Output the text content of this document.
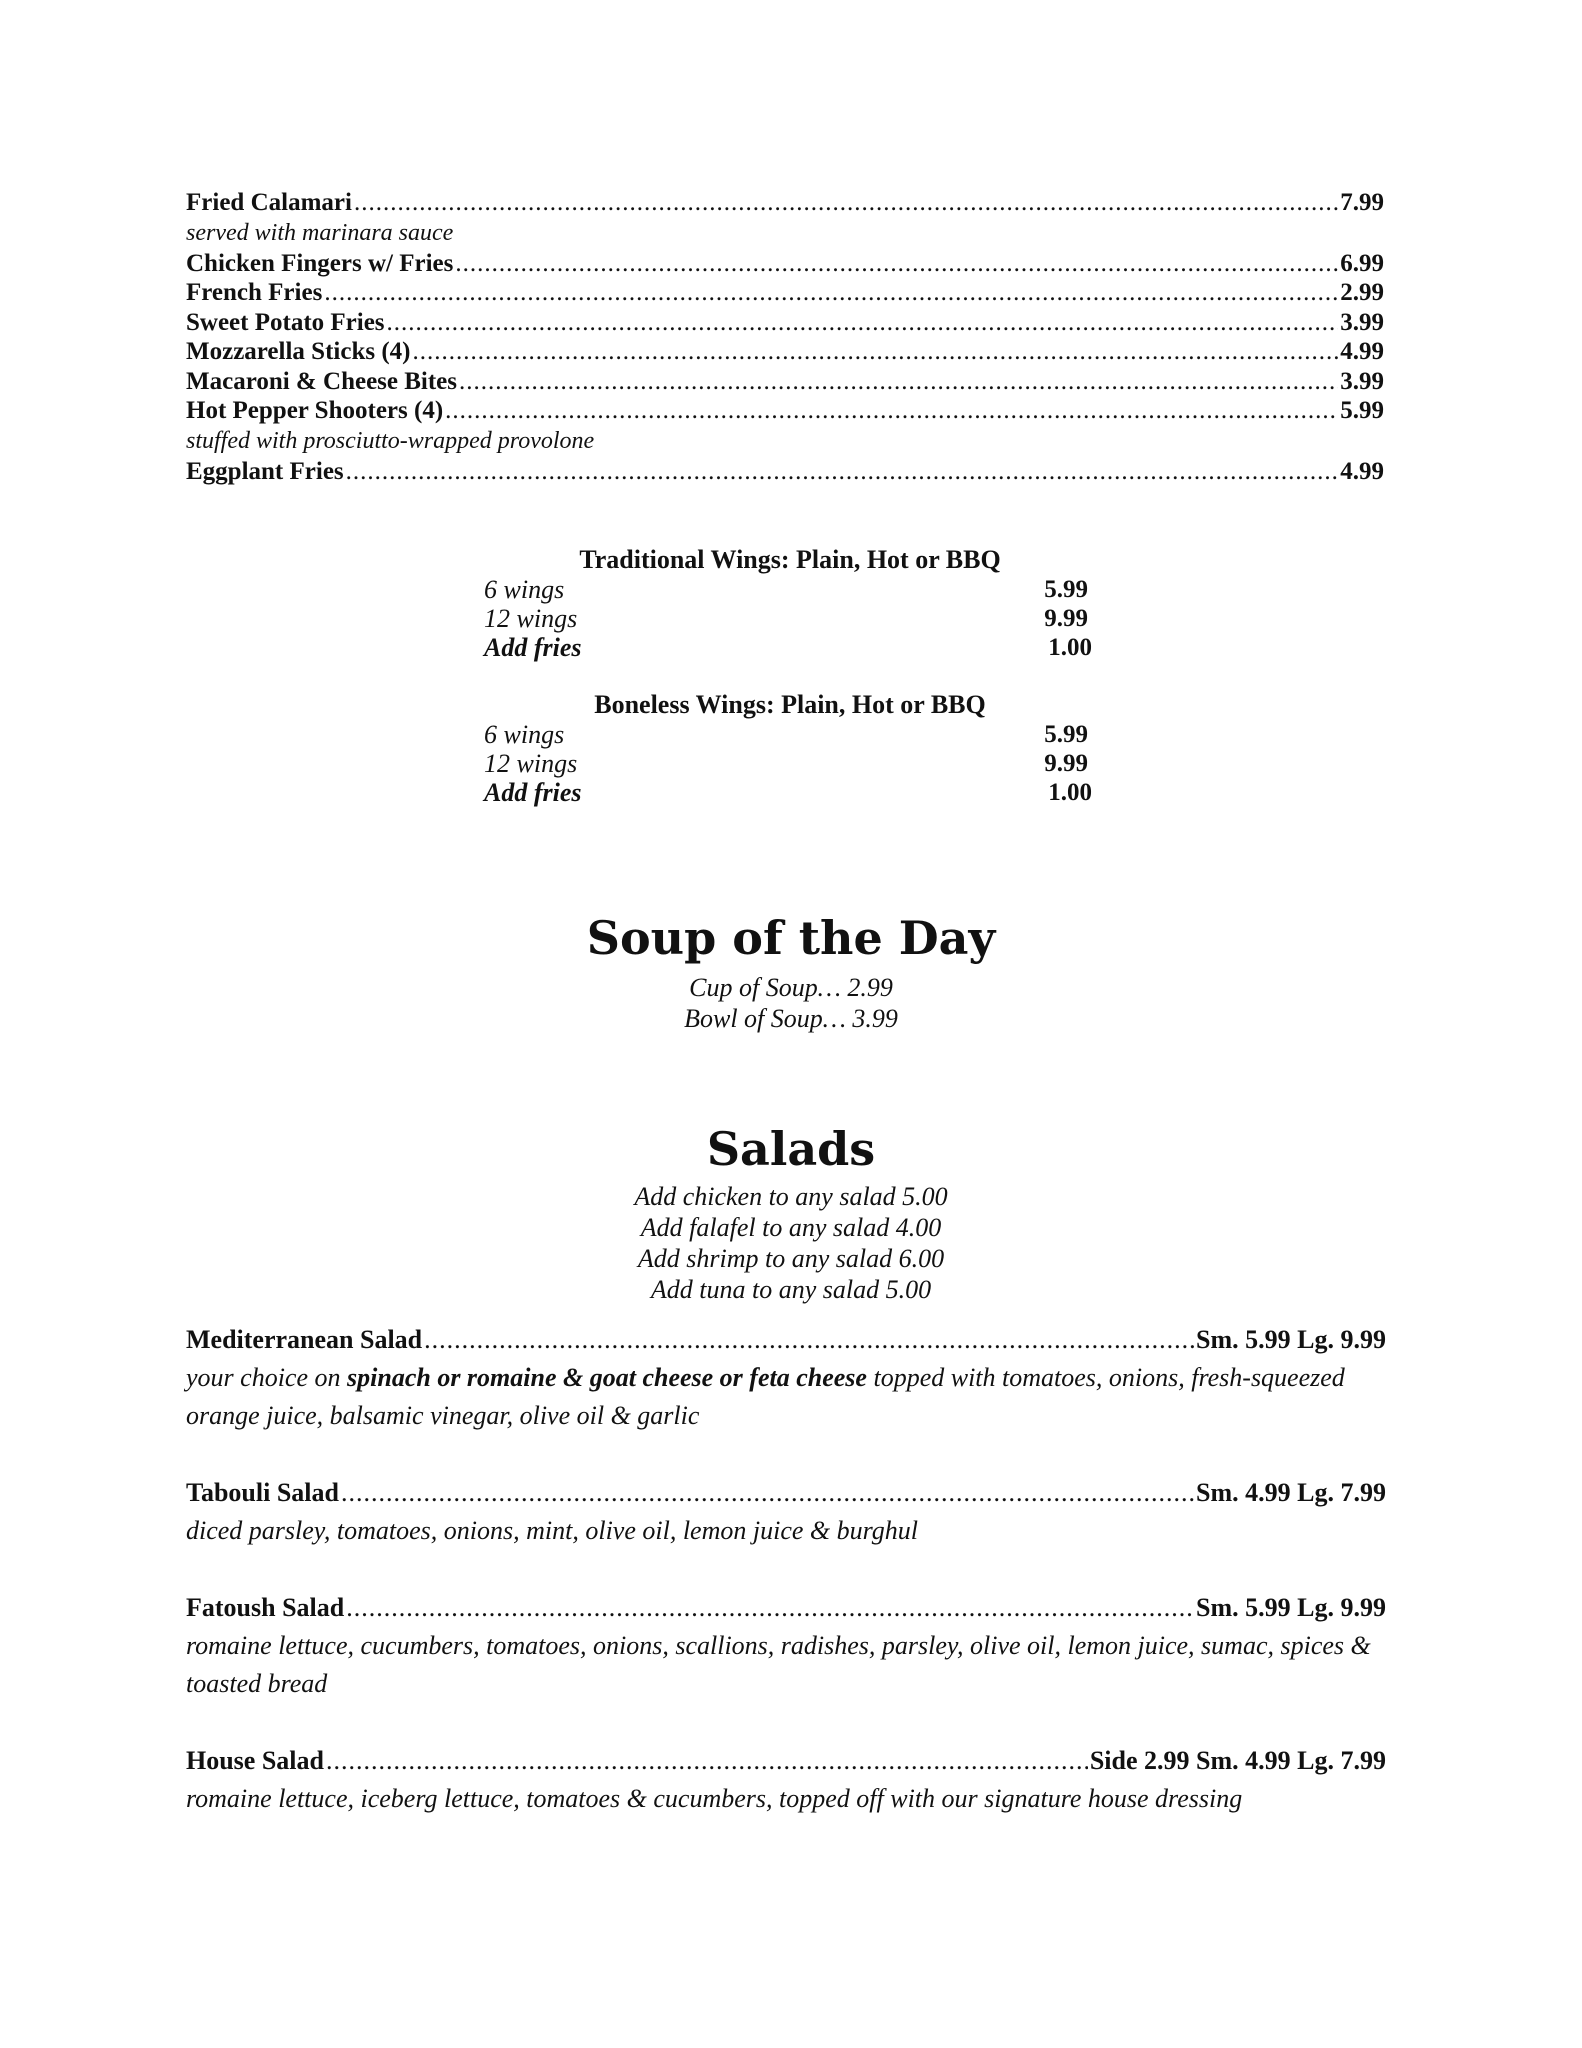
Fried Calamari .....	7.99
served with marinara sauce
Chicken Fingers w/ Fries .....	6.99
French Fries .....	2.99
Sweet Potato Fries .....	3.99
Mozzarella Sticks (4) .....	4.99
Macaroni & Cheese Bites .....	3.99
Hot Pepper Shooters (4) .....	5.99
stuffed with prosciutto-wrapped provolone
Eggplant Fries .....	4.99
Traditional Wings: Plain, Hot or BBQ
6 wings	5.99
12 wings	9.99
Add fries	1.00
Boneless Wings: Plain, Hot or BBQ
6 wings	5.99
12 wings	9.99
Add fries	1.00
Soup of the Day
Cup of Soup… 2.99
Bowl of Soup… 3.99
Salads
Add chicken to any salad 5.00
Add falafel to any salad 4.00
Add shrimp to any salad 6.00
Add tuna to any salad 5.00
Mediterranean Salad .....	Sm. 5.99 Lg. 9.99
your choice on spinach or romaine & goat cheese or feta cheese topped with tomatoes, onions, fresh-squeezed orange juice, balsamic vinegar, olive oil & garlic
Tabouli Salad .....	Sm. 4.99 Lg. 7.99
diced parsley, tomatoes, onions, mint, olive oil, lemon juice & burghul
Fatoush Salad .....	Sm. 5.99 Lg. 9.99
romaine lettuce, cucumbers, tomatoes, onions, scallions, radishes, parsley, olive oil, lemon juice, sumac, spices & toasted bread
House Salad .....	Side 2.99 Sm. 4.99 Lg. 7.99
romaine lettuce, iceberg lettuce, tomatoes & cucumbers, topped off with our signature house dressing
